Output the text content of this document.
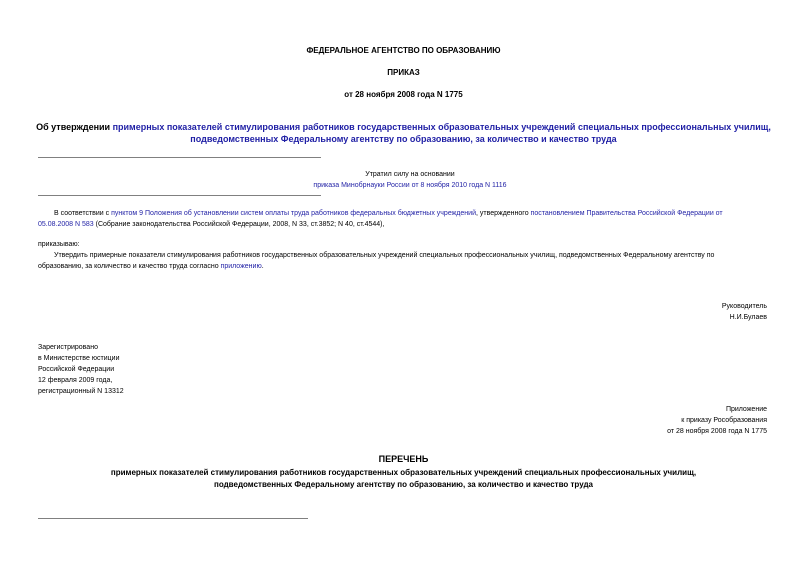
ФЕДЕРАЛЬНОЕ АГЕНТСТВО ПО ОБРАЗОВАНИЮ
ПРИКАЗ
от 28 ноября 2008 года N 1775
Об утверждении примерных показателей стимулирования работников государственных образовательных учреждений специальных профессиональных училищ,
подведомственных Федеральному агентству по образованию, за количество и качество труда
Утратил силу на основании
приказа Минобрнауки России от 8 ноября 2010 года N 1116
В соответствии с пунктом 9 Положения об установлении систем оплаты труда работников федеральных бюджетных учреждений, утвержденного постановлением Правительства Российской Федерации от
05.08.2008 N 583 (Собрание законодательства Российской Федерации, 2008, N 33, ст.3852; N 40, ст.4544),
приказываю:
Утвердить примерные показатели стимулирования работников государственных образовательных учреждений специальных профессиональных училищ, подведомственных Федеральному агентству по
образованию, за количество и качество труда согласно приложению.
Руководитель
Н.И.Булаев
Зарегистрировано
в Министерстве юстиции
Российской Федерации
12 февраля 2009 года,
регистрационный N 13312
Приложение
к приказу Рособразования
от 28 ноября 2008 года N 1775
ПЕРЕЧЕНЬ
примерных показателей стимулирования работников государственных образовательных учреждений специальных профессиональных училищ,
подведомственных Федеральному агентству по образованию, за количество и качество труда
